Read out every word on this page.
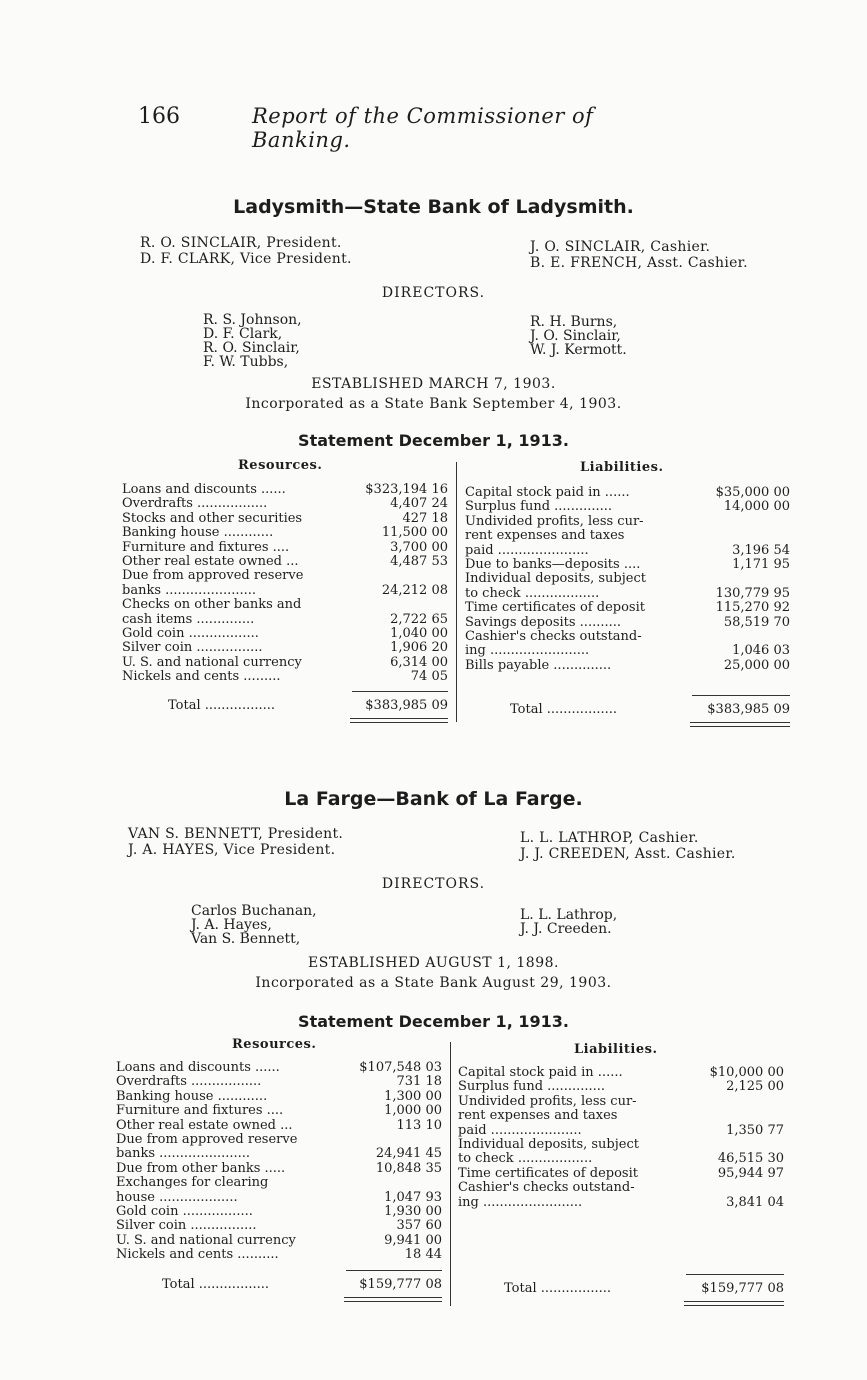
166	Report of the Commissioner of Banking.
Ladysmith—State Bank of Ladysmith.
R. O. SINCLAIR, President.
D. F. CLARK, Vice President.
J. O. SINCLAIR, Cashier.
B. E. FRENCH, Asst. Cashier.
DIRECTORS.
R. S. Johnson,
D. F. Clark,
R. O. Sinclair,
F. W. Tubbs,
R. H. Burns,
J. O. Sinclair,
W. J. Kermott.
ESTABLISHED MARCH 7, 1903.
Incorporated as a State Bank September 4, 1903.
Statement December 1, 1913.
Resources.	Liabilities.
Loans and discounts ......	$323,194 16
Overdrafts .................	4,407 24
Stocks and other securities	427 18
Banking house ............	11,500 00
Furniture and fixtures ....	3,700 00
Other real estate owned ...	4,487 53
Due from approved reserve
banks ......................	24,212 08
Checks on other banks and
cash items ..............	2,722 65
Gold coin .................	1,040 00
Silver coin ................	1,906 20
U. S. and national currency	6,314 00
Nickels and cents .........	74 05
Total .................	$383,985 09
Capital stock paid in ......	$35,000 00
Surplus fund ..............	14,000 00
Undivided profits, less cur-
rent expenses and taxes
paid ......................	3,196 54
Due to banks—deposits ....	1,171 95
Individual deposits, subject
to check ..................	130,779 95
Time certificates of deposit	115,270 92
Savings deposits ..........	58,519 70
Cashier's checks outstand-
ing ........................	1,046 03
Bills payable ..............	25,000 00
Total .................	$383,985 09
La Farge—Bank of La Farge.
VAN S. BENNETT, President.
J. A. HAYES, Vice President.
L. L. LATHROP, Cashier.
J. J. CREEDEN, Asst. Cashier.
DIRECTORS.
Carlos Buchanan,
J. A. Hayes,
Van S. Bennett,
L. L. Lathrop,
J. J. Creeden.
ESTABLISHED AUGUST 1, 1898.
Incorporated as a State Bank August 29, 1903.
Statement December 1, 1913.
Resources.	Liabilities.
Loans and discounts ......	$107,548 03
Overdrafts .................	731 18
Banking house ............	1,300 00
Furniture and fixtures ....	1,000 00
Other real estate owned ...	113 10
Due from approved reserve
banks ......................	24,941 45
Due from other banks .....	10,848 35
Exchanges for clearing
house ...................	1,047 93
Gold coin .................	1,930 00
Silver coin ................	357 60
U. S. and national currency	9,941 00
Nickels and cents ..........	18 44
Total .................	$159,777 08
Capital stock paid in ......	$10,000 00
Surplus fund ..............	2,125 00
Undivided profits, less cur-
rent expenses and taxes
paid ......................	1,350 77
Individual deposits, subject
to check ..................	46,515 30
Time certificates of deposit	95,944 97
Cashier's checks outstand-
ing ........................	3,841 04
Total .................	$159,777 08
